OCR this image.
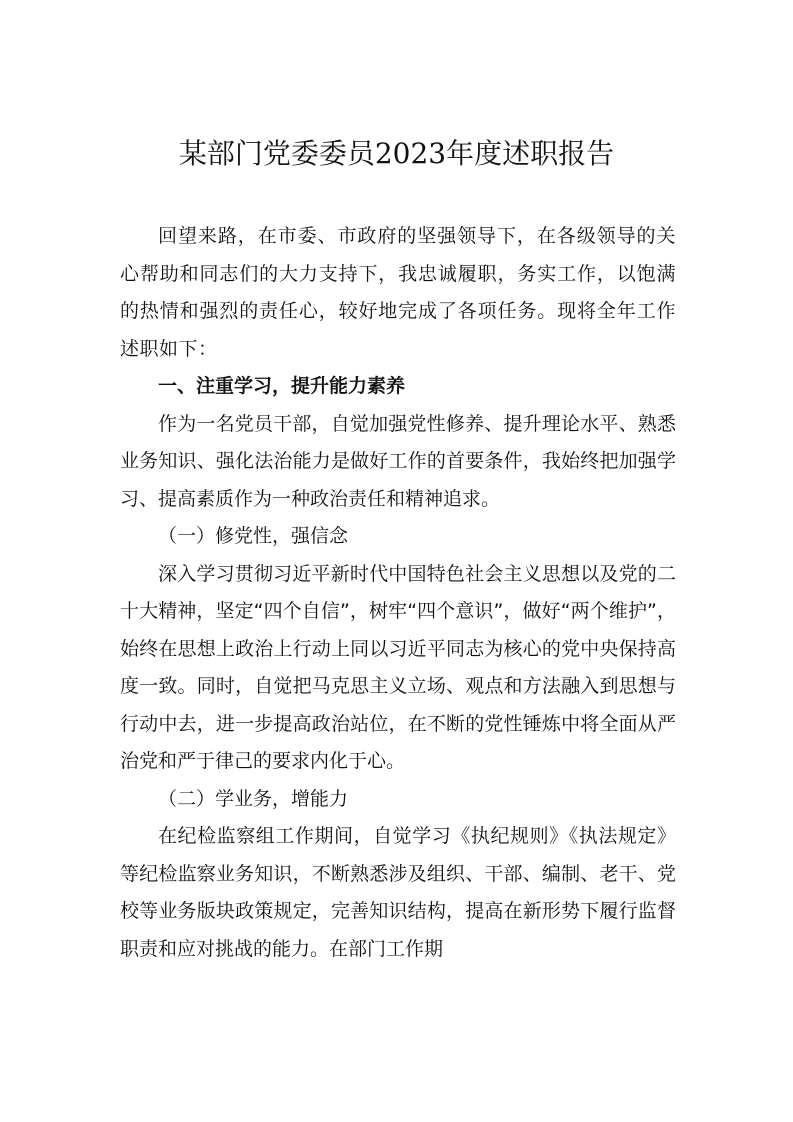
某部门党委委员2023年度述职报告

回望来路，在市委、市政府的坚强领导下，在各级领导的关心帮助和同志们的大力支持下，我忠诚履职，务实工作，以饱满的热情和强烈的责任心，较好地完成了各项任务。现将全年工作述职如下：

一、注重学习，提升能力素养

作为一名党员干部，自觉加强党性修养、提升理论水平、熟悉业务知识、强化法治能力是做好工作的首要条件，我始终把加强学习、提高素质作为一种政治责任和精神追求。

（一）修党性，强信念

深入学习贯彻习近平新时代中国特色社会主义思想以及党的二十大精神，坚定“四个自信”，树牢“四个意识”，做好“两个维护”，始终在思想上政治上行动上同以习近平同志为核心的党中央保持高度一致。同时，自觉把马克思主义立场、观点和方法融入到思想与行动中去，进一步提高政治站位，在不断的党性锤炼中将全面从严治党和严于律己的要求内化于心。

（二）学业务，增能力

在纪检监察组工作期间，自觉学习《执纪规则》《执法规定》等纪检监察业务知识，不断熟悉涉及组织、干部、编制、老干、党校等业务版块政策规定，完善知识结构，提高在新形势下履行监督职责和应对挑战的能力。在部门工作期
